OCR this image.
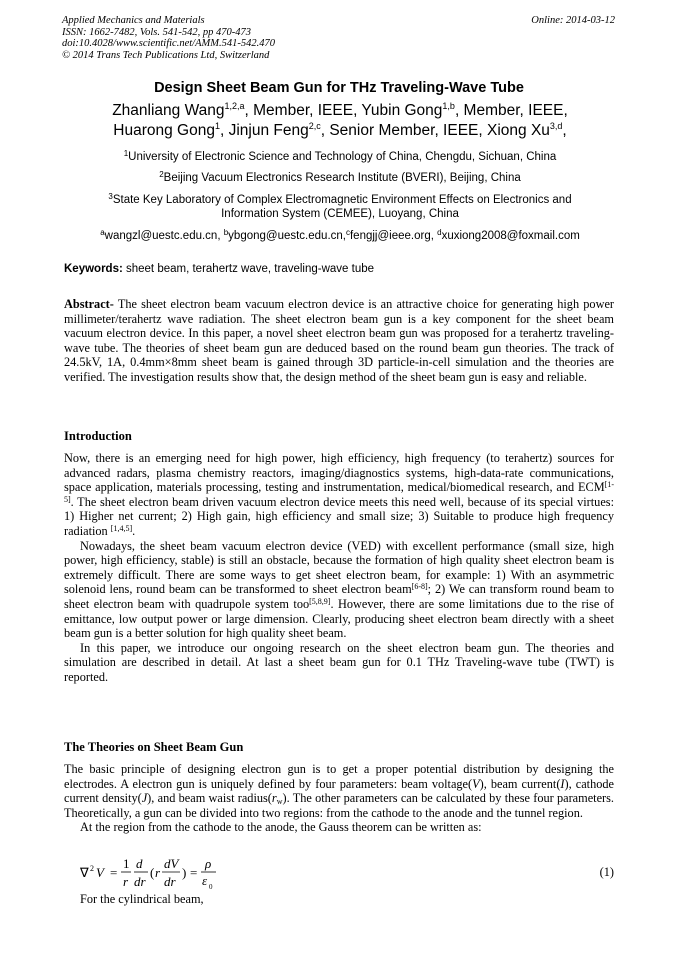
Applied Mechanics and Materials
ISSN: 1662-7482, Vols. 541-542, pp 470-473
doi:10.4028/www.scientific.net/AMM.541-542.470
© 2014 Trans Tech Publications Ltd, Switzerland
Online: 2014-03-12
Design Sheet Beam Gun for THz Traveling-Wave Tube
Zhanliang Wang$^{1,2,a}$, Member, IEEE, Yubin Gong$^{1,b}$, Member, IEEE,
Huarong Gong$^1$, Jinjun Feng$^{2,c}$, Senior Member, IEEE, Xiong Xu$^{3,d}$,
$^1$University of Electronic Science and Technology of China, Chengdu, Sichuan, China
$^2$Beijing Vacuum Electronics Research Institute (BVERI), Beijing, China
$^3$State Key Laboratory of Complex Electromagnetic Environment Effects on Electronics and
Information System (CEMEE), Luoyang, China
$^a$wangzl@uestc.edu.cn, $^b$ybgong@uestc.edu.cn,$^c$fengjj@ieee.org, $^d$xuxiong2008@foxmail.com
Keywords: sheet beam, terahertz wave, traveling-wave tube
Abstract- The sheet electron beam vacuum electron device is an attractive choice for generating high power millimeter/terahertz wave radiation. The sheet electron beam gun is a key component for the sheet beam vacuum electron device. In this paper, a novel sheet electron beam gun was proposed for a terahertz traveling-wave tube. The theories of sheet beam gun are deduced based on the round beam gun theories. The track of 24.5kV, 1A, 0.4mm×8mm sheet beam is gained through 3D particle-in-cell simulation and the theories are verified. The investigation results show that, the design method of the sheet beam gun is easy and reliable.
Introduction
Now, there is an emerging need for high power, high efficiency, high frequency (to terahertz) sources for advanced radars, plasma chemistry reactors, imaging/diagnostics systems, high-data-rate communications, space application, materials processing, testing and instrumentation, medical/biomedical research, and ECM[1-5]. The sheet electron beam driven vacuum electron device meets this need well, because of its special virtues: 1) Higher net current; 2) High gain, high efficiency and small size; 3) Suitable to produce high frequency radiation [1,4,5].
Nowadays, the sheet beam vacuum electron device (VED) with excellent performance (small size, high power, high efficiency, stable) is still an obstacle, because the formation of high quality sheet electron beam is extremely difficult. There are some ways to get sheet electron beam, for example: 1) With an asymmetric solenoid lens, round beam can be transformed to sheet electron beam[6-8]; 2) We can transform round beam to sheet electron beam with quadrupole system too[5,8,9]. However, there are some limitations due to the rise of emittance, low output power or large dimension. Clearly, producing sheet electron beam directly with a sheet beam gun is a better solution for high quality sheet beam.
In this paper, we introduce our ongoing research on the sheet electron beam gun. The theories and simulation are described in detail. At last a sheet beam gun for 0.1 THz Traveling-wave tube (TWT) is reported.
The Theories on Sheet Beam Gun
The basic principle of designing electron gun is to get a proper potential distribution by designing the electrodes. A electron gun is uniquely defined by four parameters: beam voltage(V), beam current(I), cathode current density(J), and beam waist $radius(r_w)$. The other parameters can be calculated by these four parameters. Theoretically, a gun can be divided into two regions: from the cathode to the anode and the tunnel region.
At the region from the cathode to the anode, the Gauss theorem can be written as:
∇ 2 V =
1
r
d
dr
( r
dV
dr
) =
ρ
ε 0
(1)
For the cylindrical beam,
